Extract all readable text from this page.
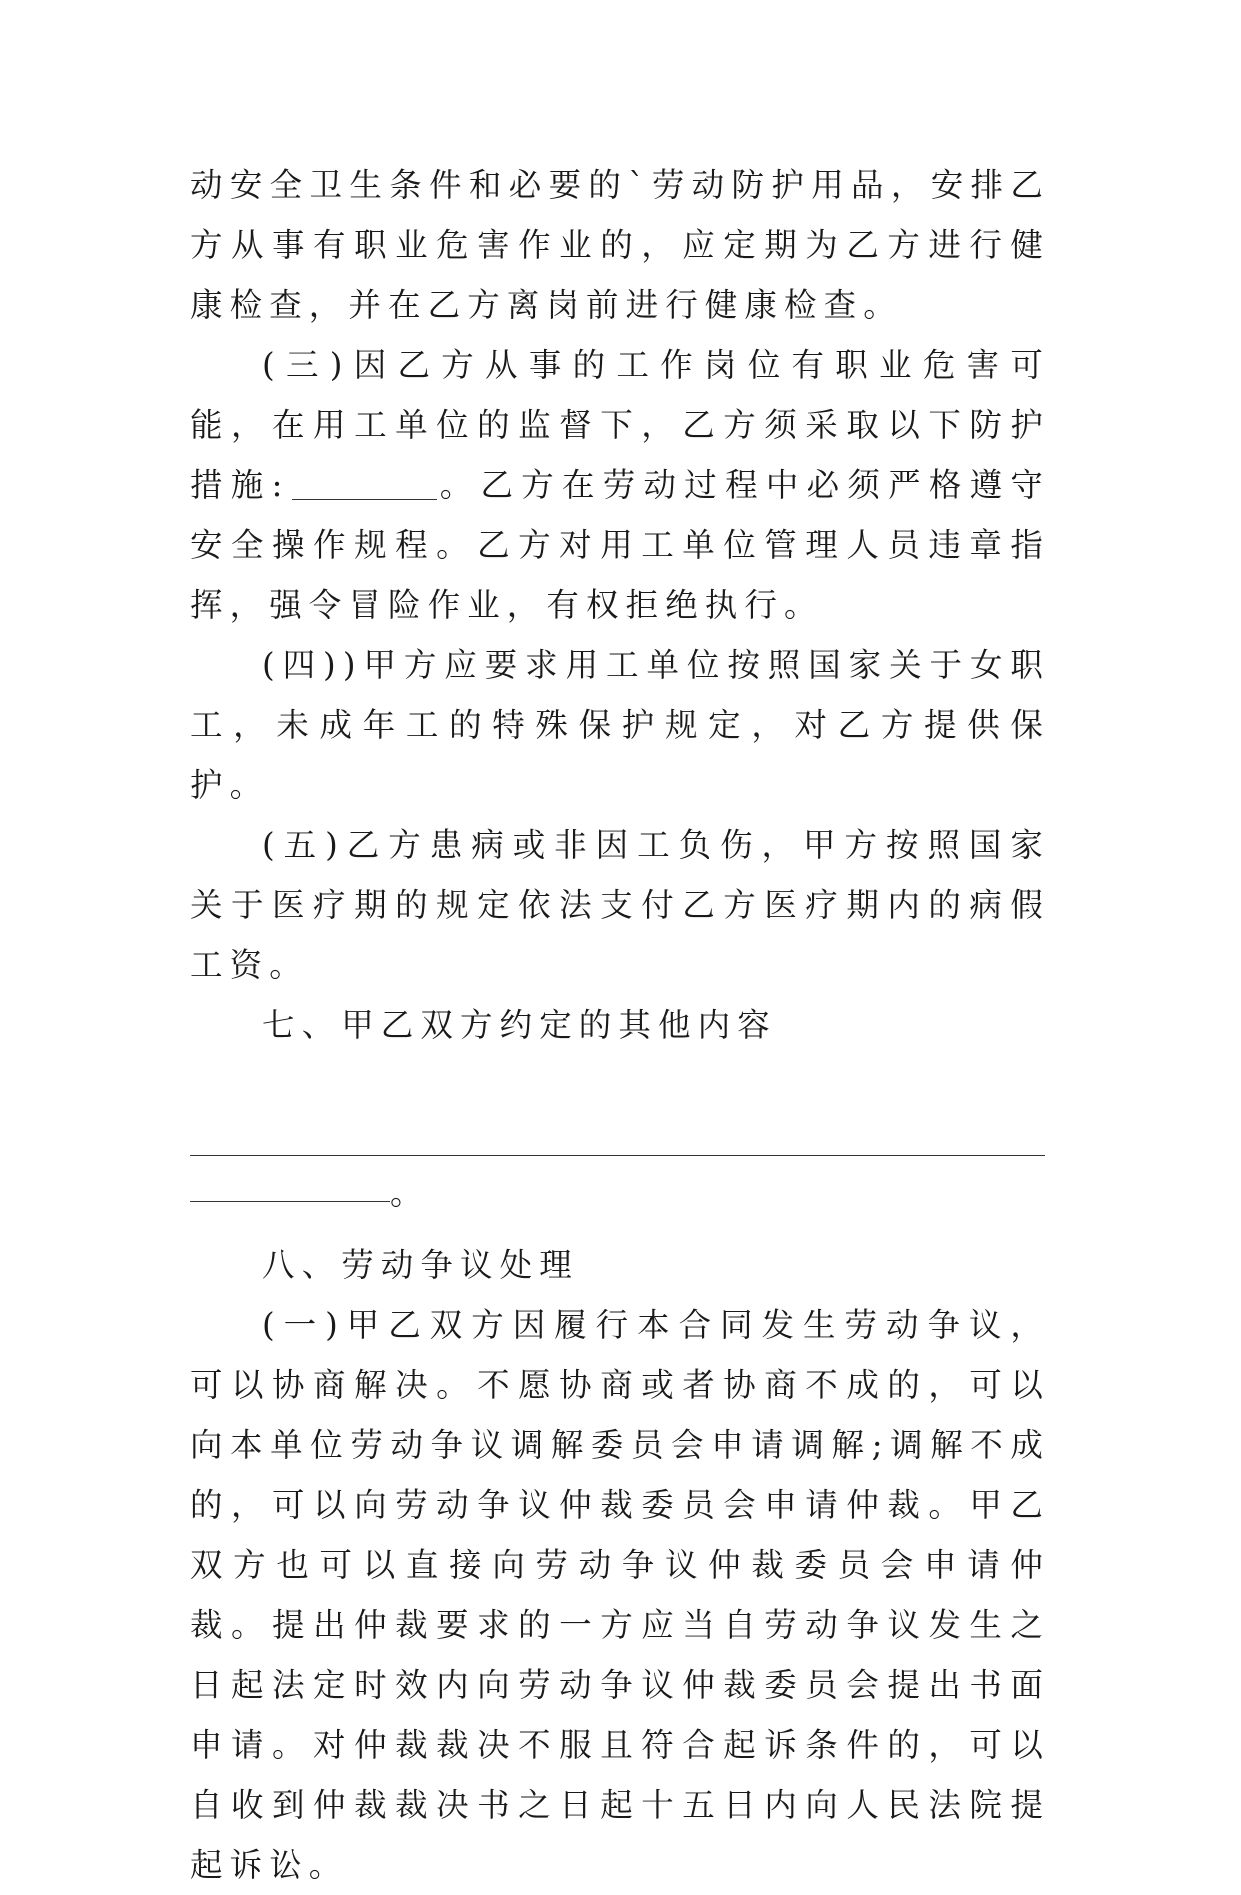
动安全卫生条件和必要的`劳动防护用品，安排乙方从事有职业危害作业的，应定期为乙方进行健康检查，并在乙方离岗前进行健康检查。

(三)因乙方从事的工作岗位有职业危害可能，在用工单位的监督下，乙方须采取以下防护措施:	。乙方在劳动过程中必须严格遵守安全操作规程。乙方对用工单位管理人员违章指挥，强令冒险作业，有权拒绝执行。

(四))甲方应要求用工单位按照国家关于女职工，未成年工的特殊保护规定，对乙方提供保护。

(五)乙方患病或非因工负伤，甲方按照国家关于医疗期的规定依法支付乙方医疗期内的病假工资。

七、甲乙双方约定的其他内容

。

八、劳动争议处理

(一)甲乙双方因履行本合同发生劳动争议，可以协商解决。不愿协商或者协商不成的，可以向本单位劳动争议调解委员会申请调解;调解不成的，可以向劳动争议仲裁委员会申请仲裁。甲乙双方也可以直接向劳动争议仲裁委员会申请仲裁。提出仲裁要求的一方应当自劳动争议发生之日起法定时效内向劳动争议仲裁委员会提出书面申请。对仲裁裁决不服且符合起诉条件的，可以自收到仲裁裁决书之日起十五日内向人民法院提起诉讼。
